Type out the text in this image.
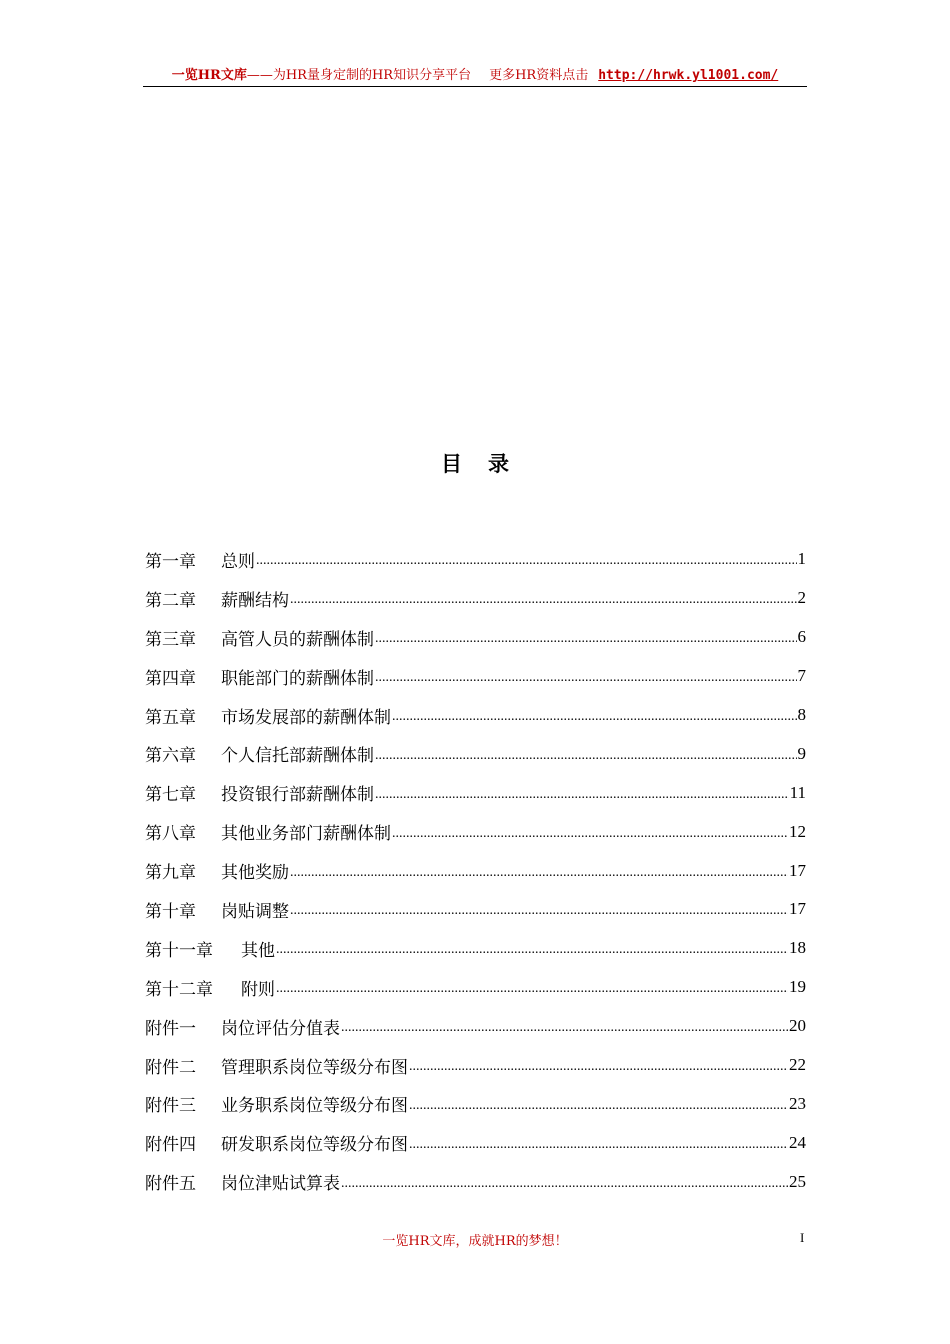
一览HR文库——为HR量身定制的HR知识分享平台 更多HR资料点击 http://hrwk.yl1001.com/
目 录
第一章	总则 .....	1
第二章	薪酬结构 .....	2
第三章	高管人员的薪酬体制 .....	6
第四章	职能部门的薪酬体制 .....	7
第五章	市场发展部的薪酬体制 .....	8
第六章	个人信托部薪酬体制 .....	9
第七章	投资银行部薪酬体制 .....	11
第八章	其他业务部门薪酬体制 .....	12
第九章	其他奖励 .....	17
第十章	岗贴调整 .....	17
第十一章	其他 .....	18
第十二章	附则 .....	19
附件一	岗位评估分值表 .....	20
附件二	管理职系岗位等级分布图 .....	22
附件三	业务职系岗位等级分布图 .....	23
附件四	研发职系岗位等级分布图 .....	24
附件五	岗位津贴试算表 .....	25
一览HR文库，成就HR的梦想！	I
